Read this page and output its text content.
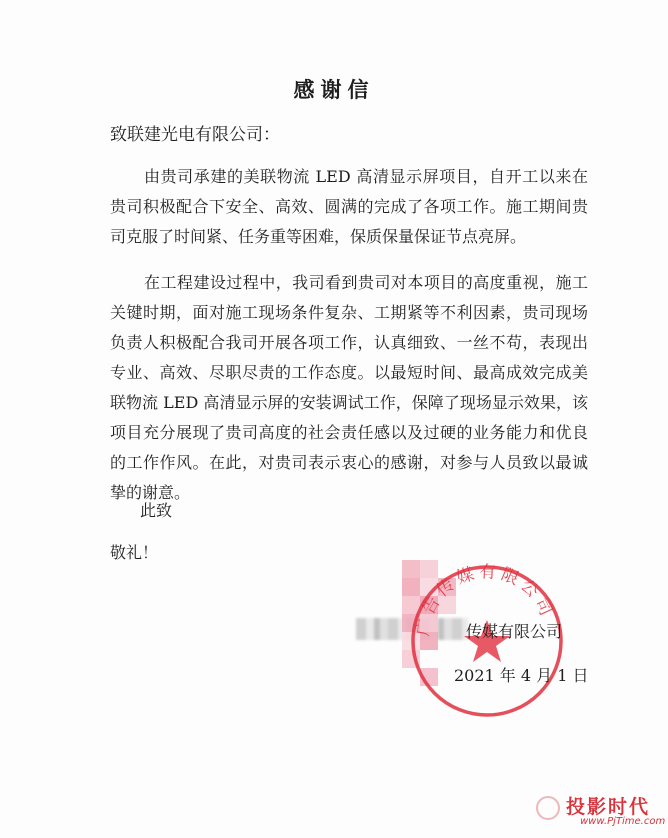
感谢信
致联建光电有限公司：

由贵司承建的美联物流 LED 高清显示屏项目，自开工以来在贵司积极配合下安全、高效、圆满的完成了各项工作。施工期间贵司克服了时间紧、任务重等困难，保质保量保证节点亮屏。

在工程建设过程中，我司看到贵司对本项目的高度重视，施工关键时期，面对施工现场条件复杂、工期紧等不利因素，贵司现场负责人积极配合我司开展各项工作，认真细致、一丝不苟，表现出专业、高效、尽职尽责的工作态度。以最短时间、最高成效完成美联物流 LED 高清显示屏的安装调试工作，保障了现场显示效果，该项目充分展现了贵司高度的社会责任感以及过硬的业务能力和优良的工作作风。在此，对贵司表示衷心的感谢，对参与人员致以最诚挚的谢意。

此致
敬礼！
广告传媒有限公司
传媒有限公司
2021 年 4 月 1 日
投影时代
www.PjTime.com
